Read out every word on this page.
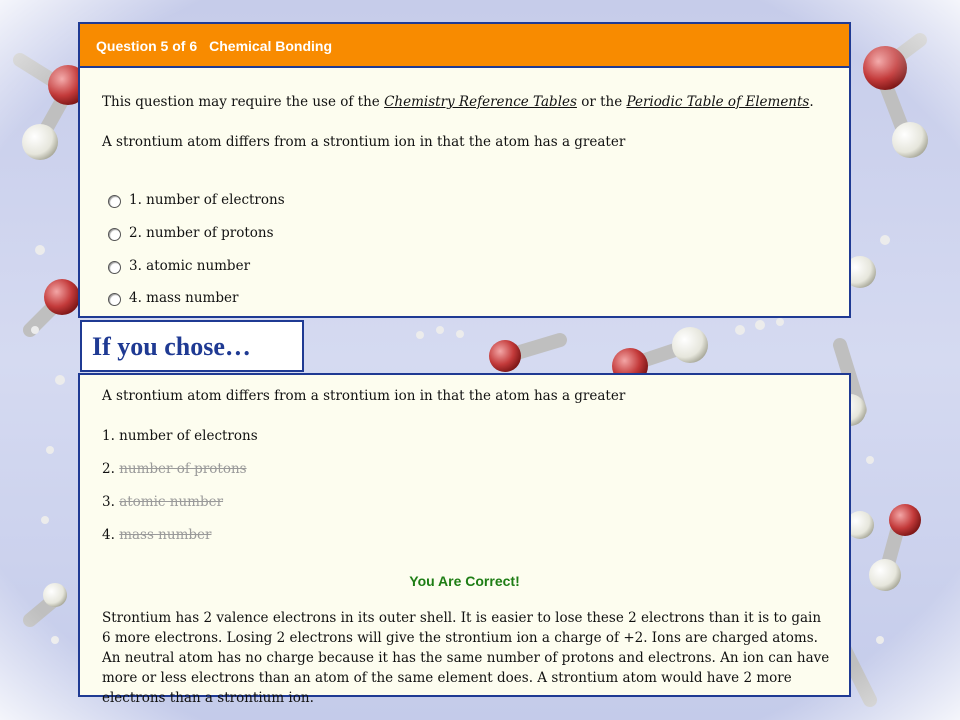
Question 5 of 6 Chemical Bonding
This question may require the use of the Chemistry Reference Tables or the Periodic Table of Elements.
A strontium atom differs from a strontium ion in that the atom has a greater
1. number of electrons
2. number of protons
3. atomic number
4. mass number
If you chose…
A strontium atom differs from a strontium ion in that the atom has a greater
1. number of electrons
2. number of protons
3. atomic number
4. mass number
You Are Correct!
Strontium has 2 valence electrons in its outer shell. It is easier to lose these 2 electrons than it is to gain 6 more electrons. Losing 2 electrons will give the strontium ion a charge of +2. Ions are charged atoms. An neutral atom has no charge because it has the same number of protons and electrons. An ion can have more or less electrons than an atom of the same element does. A strontium atom would have 2 more electrons than a strontium ion.
